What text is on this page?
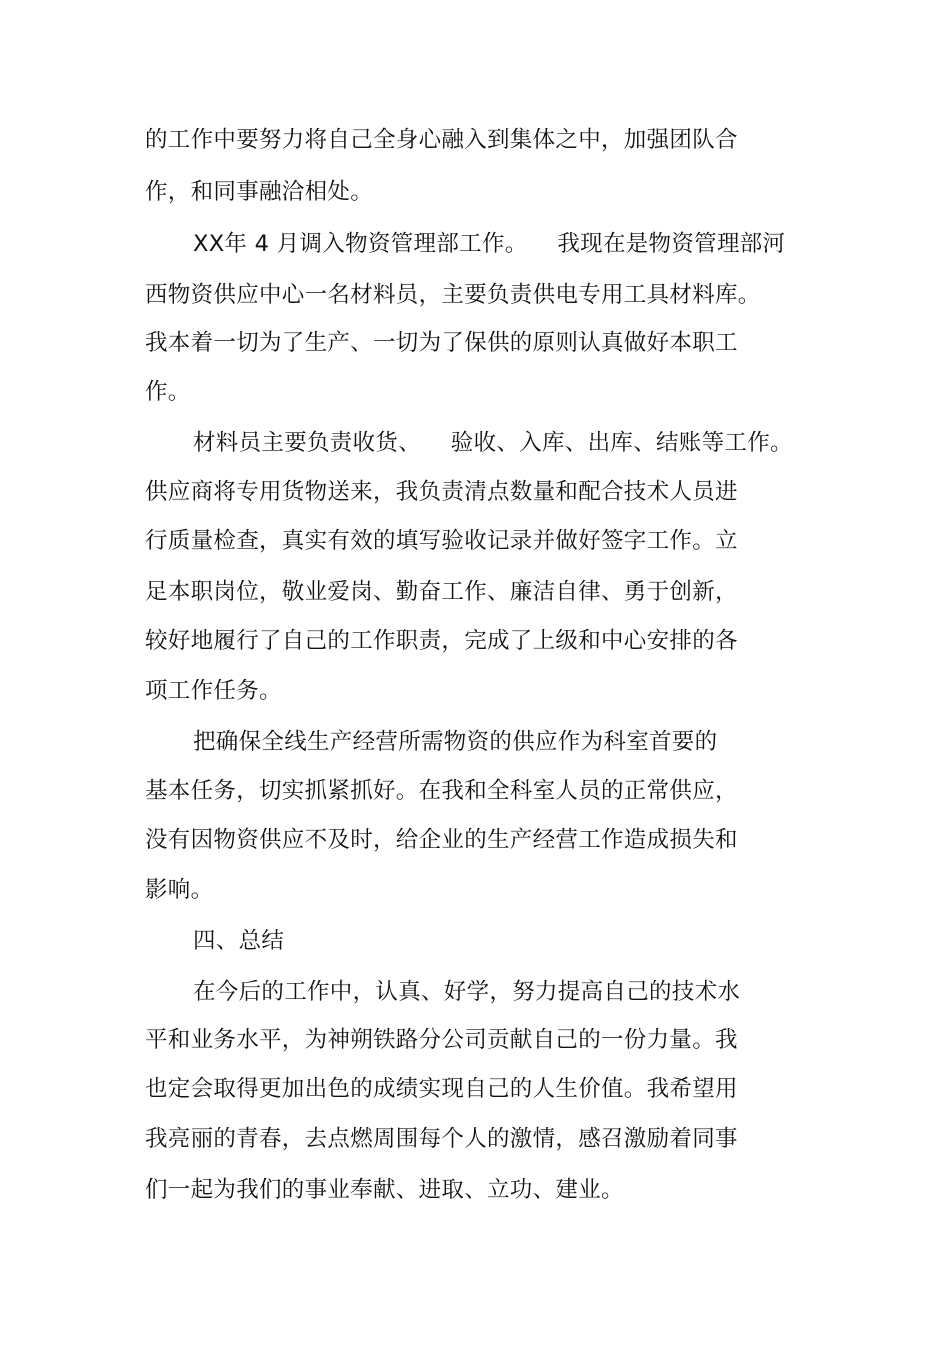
的工作中要努力将自己全身心融入到集体之中，加强团队合
作，和同事融洽相处。
XX年 4 月调入物资管理部工作。    我现在是物资管理部河
西物资供应中心一名材料员，主要负责供电专用工具材料库。
我本着一切为了生产、一切为了保供的原则认真做好本职工
作。
材料员主要负责收货、    验收、入库、出库、结账等工作。
供应商将专用货物送来，我负责清点数量和配合技术人员进
行质量检查，真实有效的填写验收记录并做好签字工作。立
足本职岗位，敬业爱岗、勤奋工作、廉洁自律、勇于创新，
较好地履行了自己的工作职责，完成了上级和中心安排的各
项工作任务。
把确保全线生产经营所需物资的供应作为科室首要的
基本任务，切实抓紧抓好。在我和全科室人员的正常供应，
没有因物资供应不及时，给企业的生产经营工作造成损失和
影响。
四、总结
在今后的工作中，认真、好学，努力提高自己的技术水
平和业务水平，为神朔铁路分公司贡献自己的一份力量。我
也定会取得更加出色的成绩实现自己的人生价值。我希望用
我亮丽的青春，去点燃周围每个人的激情，感召激励着同事
们一起为我们的事业奉献、进取、立功、建业。
